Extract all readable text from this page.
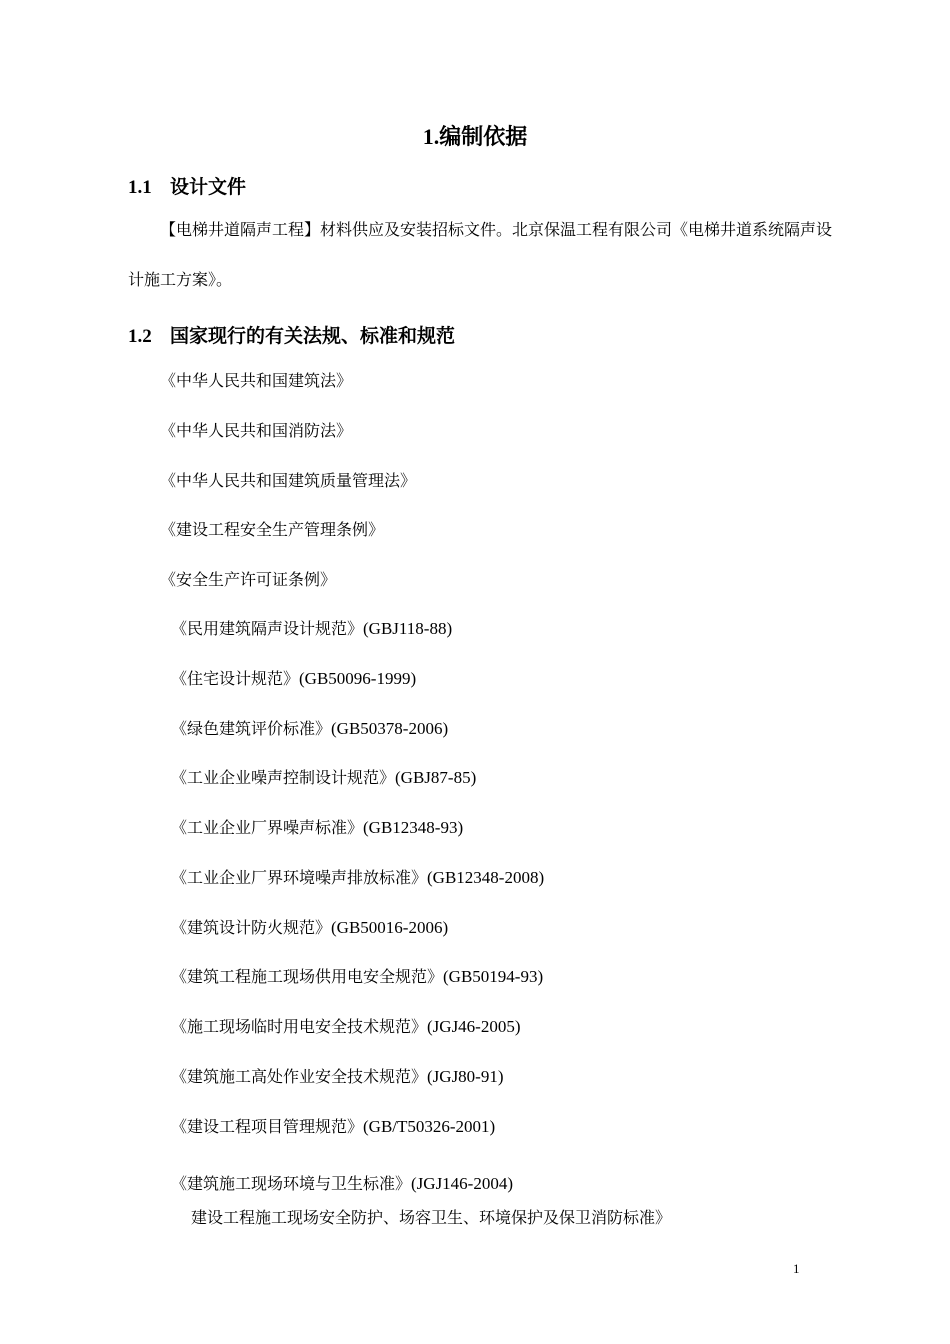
1.编制依据
1.1 设计文件
【电梯井道隔声工程】材料供应及安装招标文件。北京保温工程有限公司《电梯井道系统隔声设计施工方案》。
1.2 国家现行的有关法规、标准和规范
《中华人民共和国建筑法》
《中华人民共和国消防法》
《中华人民共和国建筑质量管理法》
《建设工程安全生产管理条例》
《安全生产许可证条例》
《民用建筑隔声设计规范》(GBJ118-88)
《住宅设计规范》(GB50096-1999)
《绿色建筑评价标准》(GB50378-2006)
《工业企业噪声控制设计规范》(GBJ87-85)
《工业企业厂界噪声标准》(GB12348-93)
《工业企业厂界环境噪声排放标准》(GB12348-2008)
《建筑设计防火规范》(GB50016-2006)
《建筑工程施工现场供用电安全规范》(GB50194-93)
《施工现场临时用电安全技术规范》(JGJ46-2005)
《建筑施工高处作业安全技术规范》(JGJ80-91)
《建设工程项目管理规范》(GB/T50326-2001)
《建筑施工现场环境与卫生标准》(JGJ146-2004)
建设工程施工现场安全防护、场容卫生、环境保护及保卫消防标准》
1
